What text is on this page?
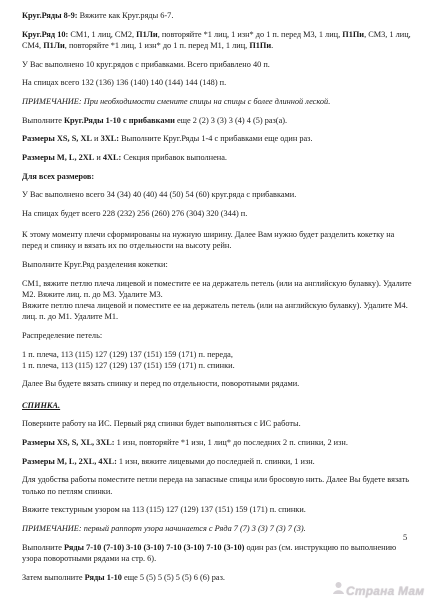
Круг.Ряды 8-9: Вяжите как Круг.ряды 6-7.

Круг.Ряд 10: СМ1, 1 лиц, СМ2, П1Ли, повторяйте *1 лиц, 1 изн* до 1 п. перед М3, 1 лиц, П1Пи, СМ3, 1 лиц, СМ4, П1Ли, повторяйте *1 лиц, 1 изн* до 1 п. перед М1, 1 лиц, П1Пи.

У Вас выполнено 10 круг.рядов с прибавками. Всего прибавлено 40 п.

На спицах всего 132 (136) 136 (140) 140 (144) 144 (148) п.

ПРИМЕЧАНИЕ: При необходимости смените спицы на спицы с более длинной леской.

Выполните Круг.Ряды 1-10 с прибавками еще 2 (2) 3 (3) 3 (4) 4 (5) раз(а).

Размеры XS, S, XL и 3XL: Выполните Круг.Ряды 1-4 с прибавками еще один раз.

Размеры M, L, 2XL и 4XL: Секция прибавок выполнена.

Для всех размеров:

У Вас выполнено всего 34 (34) 40 (40) 44 (50) 54 (60) круг.ряда с прибавками.

На спицах будет всего 228 (232) 256 (260) 276 (304) 320 (344) п.

К этому моменту плечи сформированы на нужную ширину. Далее Вам нужно будет разделить кокетку на перед и спинку и вязать их по отдельности на высоту рейн.

Выполните Круг.Ряд разделения кокетки:

СМ1, вяжите петлю плеча лицевой и поместите ее на держатель петель (или на английскую булавку). Удалите М2. Вяжите лиц. п. до М3. Удалите М3.

Вяжите петлю плеча лицевой и поместите ее на держатель петель (или на английскую булавку). Удалите М4. лиц. п. до М1. Удалите М1.

Распределение петель:

1 п. плеча, 113 (115) 127 (129) 137 (151) 159 (171) п. переда,

1 п. плеча, 113 (115) 127 (129) 137 (151) 159 (171) п. спинки.

Далее Вы будете вязать спинку и перед по отдельности, поворотными рядами.

СПИНКА.

Поверните работу на ИС. Первый ряд спинки будет выполняться с ИС работы.

Размеры XS, S, XL, 3XL: 1 изн, повторяйте *1 изн, 1 лиц* до последних 2 п. спинки, 2 изн.

Размеры M, L, 2XL, 4XL: 1 изн, вяжите лицевыми до последней п. спинки, 1 изн.

Для удобства работы поместите петли переда на запасные спицы или бросовую нить. Далее Вы будете вязать только по петлям спинки.

Вяжите текстурным узором на 113 (115) 127 (129) 137 (151) 159 (171) п. спинки.

ПРИМЕЧАНИЕ: первый раппорт узора начинается с Ряда 7 (7) 3 (3) 7 (3) 7 (3).

Выполните Ряды 7-10 (7-10) 3-10 (3-10) 7-10 (3-10) 7-10 (3-10) один раз (см. инструкцию по выполнению узора поворотными рядами на стр. 6).

Затем выполните Ряды 1-10 еще 5 (5) 5 (5) 5 (5) 6 (6) раз.

5
Страна Мам
